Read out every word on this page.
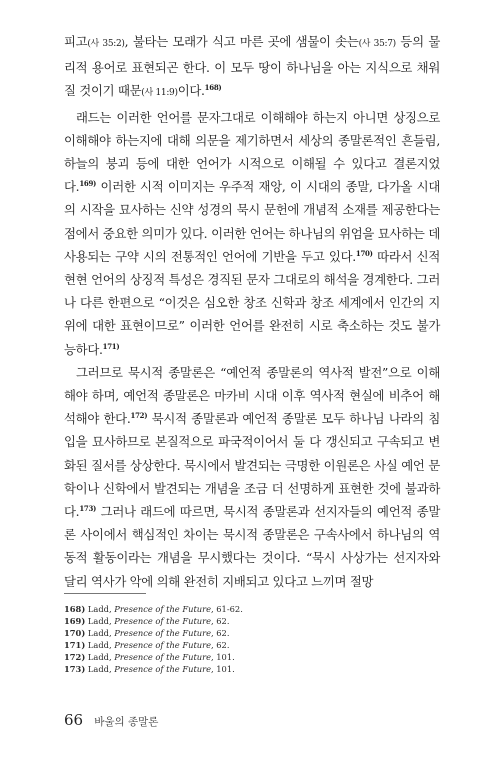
피고(사 35:2), 불타는 모래가 식고 마른 곳에 샘물이 솟는(사 35:7) 등의 물리적 용어로 표현되곤 한다. 이 모두 땅이 하나님을 아는 지식으로 채워질 것이기 때문(사 11:9)이다.$^{168)}$

래드는 이러한 언어를 문자그대로 이해해야 하는지 아니면 상징으로 이해해야 하는지에 대해 의문을 제기하면서 세상의 종말론적인 흔들림, 하늘의 붕괴 등에 대한 언어가 시적으로 이해될 수 있다고 결론지었다.$^{169)}$ 이러한 시적 이미지는 우주적 재앙, 이 시대의 종말, 다가올 시대의 시작을 묘사하는 신약 성경의 묵시 문헌에 개념적 소재를 제공한다는 점에서 중요한 의미가 있다. 이러한 언어는 하나님의 위엄을 묘사하는 데 사용되는 구약 시의 전통적인 언어에 기반을 두고 있다.$^{170)}$ 따라서 신적 현현 언어의 상징적 특성은 경직된 문자 그대로의 해석을 경계한다. 그러나 다른 한편으로 “이것은 심오한 창조 신학과 창조 세계에서 인간의 지위에 대한 표현이므로” 이러한 언어를 완전히 시로 축소하는 것도 불가능하다.$^{171)}$

그러므로 묵시적 종말론은 “예언적 종말론의 역사적 발전”으로 이해해야 하며, 예언적 종말론은 마카비 시대 이후 역사적 현실에 비추어 해석해야 한다.$^{172)}$ 묵시적 종말론과 예언적 종말론 모두 하나님 나라의 침입을 묘사하므로 본질적으로 파국적이어서 둘 다 갱신되고 구속되고 변화된 질서를 상상한다. 묵시에서 발견되는 극명한 이원론은 사실 예언 문학이나 신학에서 발견되는 개념을 조금 더 선명하게 표현한 것에 불과하다.$^{173)}$ 그러나 래드에 따르면, 묵시적 종말론과 선지자들의 예언적 종말론 사이에서 핵심적인 차이는 묵시적 종말론은 구속사에서 하나님의 역동적 활동이라는 개념을 무시했다는 것이다. “묵시 사상가는 선지자와 달리 역사가 악에 의해 완전히 지배되고 있다고 느끼며 절망

168) Ladd, Presence of the Future, 61-62.
169) Ladd, Presence of the Future, 62.
170) Ladd, Presence of the Future, 62.
171) Ladd, Presence of the Future, 62.
172) Ladd, Presence of the Future, 101.
173) Ladd, Presence of the Future, 101.
66 바울의 종말론
